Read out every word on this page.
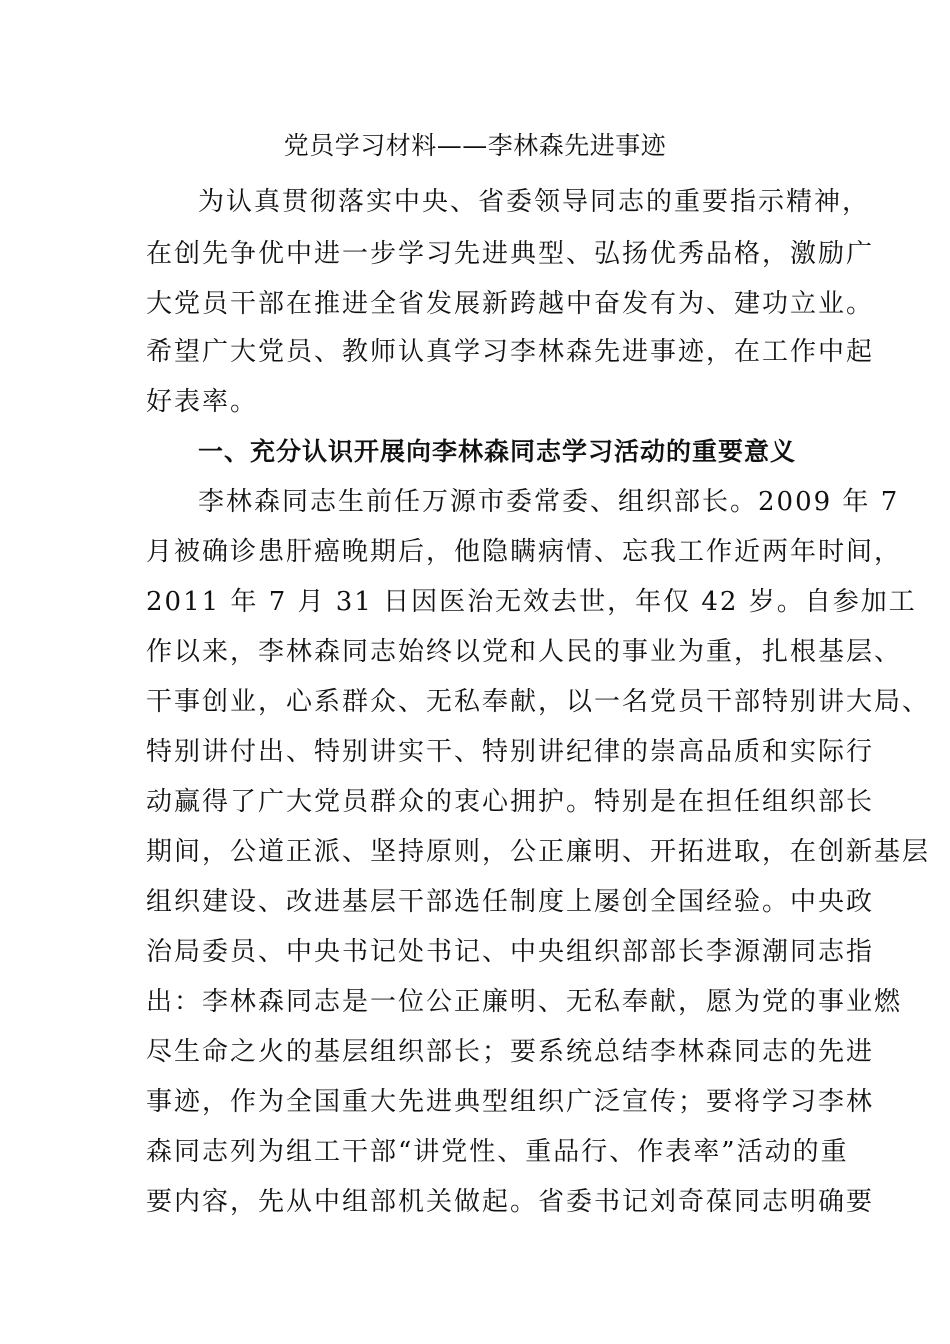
党员学习材料——李林森先进事迹
为认真贯彻落实中央、省委领导同志的重要指示精神，
在创先争优中进一步学习先进典型、弘扬优秀品格，激励广
大党员干部在推进全省发展新跨越中奋发有为、建功立业。
希望广大党员、教师认真学习李林森先进事迹，在工作中起
好表率。
一、充分认识开展向李林森同志学习活动的重要意义
李林森同志生前任万源市委常委、组织部长。2009 年 7
月被确诊患肝癌晚期后，他隐瞒病情、忘我工作近两年时间，
2011 年 7 月 31 日因医治无效去世，年仅 42 岁。自参加工
作以来，李林森同志始终以党和人民的事业为重，扎根基层、
干事创业，心系群众、无私奉献，以一名党员干部特别讲大局、
特别讲付出、特别讲实干、特别讲纪律的崇高品质和实际行
动赢得了广大党员群众的衷心拥护。特别是在担任组织部长
期间，公道正派、坚持原则，公正廉明、开拓进取，在创新基层
组织建设、改进基层干部选任制度上屡创全国经验。中央政
治局委员、中央书记处书记、中央组织部部长李源潮同志指
出：李林森同志是一位公正廉明、无私奉献，愿为党的事业燃
尽生命之火的基层组织部长；要系统总结李林森同志的先进
事迹，作为全国重大先进典型组织广泛宣传；要将学习李林
森同志列为组工干部“讲党性、重品行、作表率”活动的重
要内容，先从中组部机关做起。省委书记刘奇葆同志明确要
